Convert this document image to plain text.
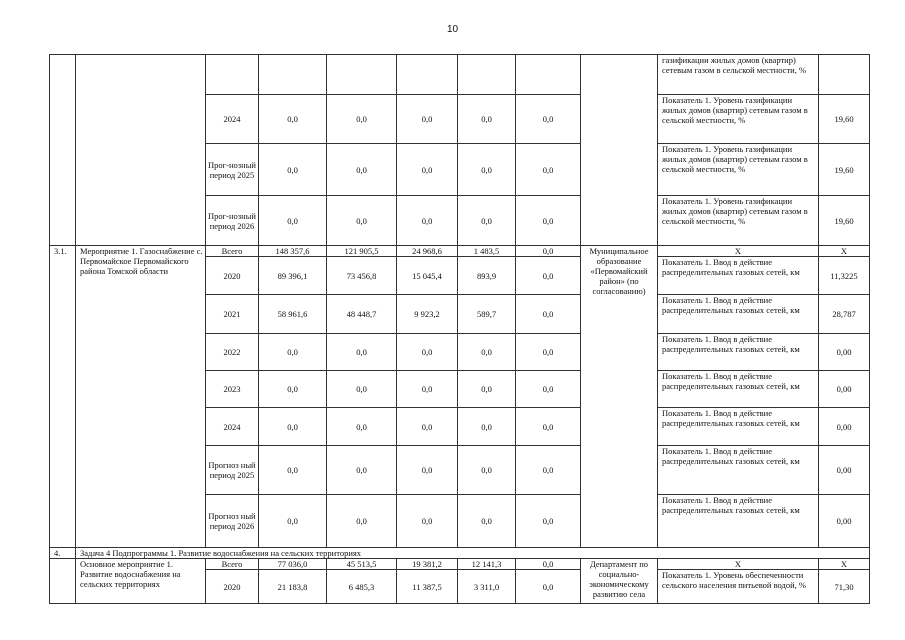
10
									газификации жилых домов (квартир) сетевым газом в сельской местности, %	
		2024	0,0	0,0	0,0	0,0	0,0		Показатель 1. Уровень газификации жилых домов (квартир) сетевым газом в сельской местности, %	19,60
		Прог-нозный период 2025	0,0	0,0	0,0	0,0	0,0		Показатель 1. Уровень газификации жилых домов (квартир) сетевым газом в сельской местности, %	19,60
		Прог-нозный период 2026	0,0	0,0	0,0	0,0	0,0		Показатель 1. Уровень газификации жилых домов (квартир) сетевым газом в сельской местности, %	19,60
3.1.	Мероприятие 1. Газоснабжение с. Первомайское Первомайского района Томской области	Всего	148 357,6	121 905,5	24 968,6	1 483,5	0,0	Муниципальное образование «Первомайский район» (по согласованию)	Х	Х
		2020	89 396,1	73 456,8	15 045,4	893,9	0,0		Показатель 1. Ввод в действие распределительных газовых сетей, км	11,3225
		2021	58 961,6	48 448,7	9 923,2	589,7	0,0		Показатель 1. Ввод в действие распределительных газовых сетей, км	28,787
		2022	0,0	0,0	0,0	0,0	0,0		Показатель 1. Ввод в действие распределительных газовых сетей, км	0,00
		2023	0,0	0,0	0,0	0,0	0,0		Показатель 1. Ввод в действие распределительных газовых сетей, км	0,00
		2024	0,0	0,0	0,0	0,0	0,0		Показатель 1. Ввод в действие распределительных газовых сетей, км	0,00
		Прогноз ный период 2025	0,0	0,0	0,0	0,0	0,0		Показатель 1. Ввод в действие распределительных газовых сетей, км	0,00
		Прогноз ный период 2026	0,0	0,0	0,0	0,0	0,0		Показатель 1. Ввод в действие распределительных газовых сетей, км	0,00
4.	Задача 4 Подпрограммы 1. Развитие водоснабжения на сельских территориях									
	Основное мероприятие 1. Развитие водоснабжения на сельских территориях	Всего	77 036,0	45 513,5	19 381,2	12 141,3	0,0	Департамент по социально-экономическому развитию села	Х	Х
		2020	21 183,8	6 485,3	11 387,5	3 311,0	0,0		Показатель 1. Уровень обеспеченности сельского населения питьевой водой, %	71,30
